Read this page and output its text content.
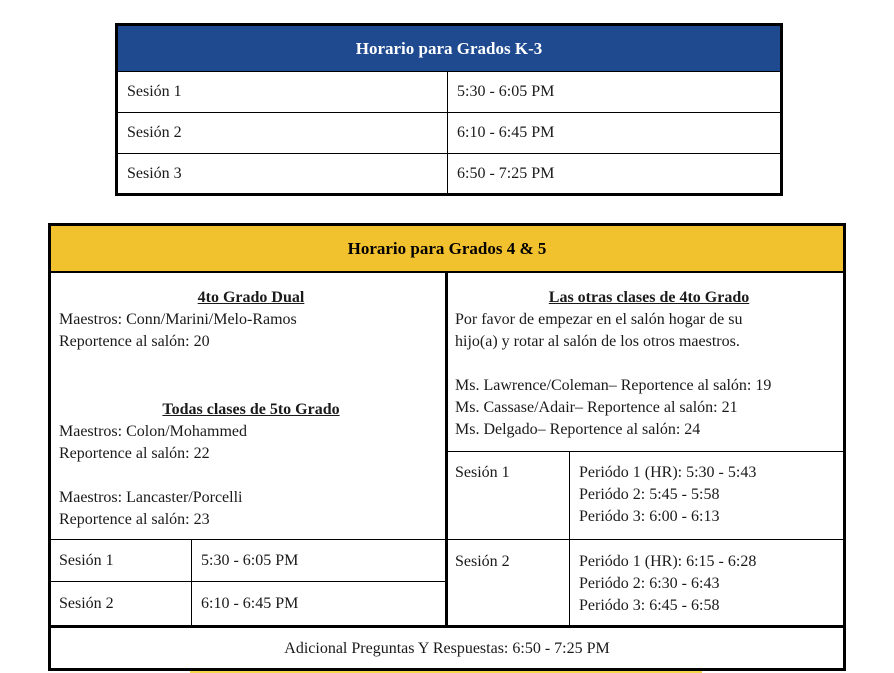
Horario para Grados K-3
Sesión 1	5:30 - 6:05 PM
Sesión 2	6:10 - 6:45 PM
Sesión 3	6:50 - 7:25 PM
Horario para Grados 4 & 5
4to Grado Dual
Maestros: Conn/Marini/Melo-Ramos
Reportence al salón: 20
Todas clases de 5to Grado
Maestros: Colon/Mohammed
Reportence al salón: 22
Maestros: Lancaster/Porcelli
Reportence al salón: 23
Las otras clases de 4to Grado
Por favor de empezar en el salón hogar de su
hijo(a) y rotar al salón de los otros maestros.
Ms. Lawrence/Coleman– Reportence al salón: 19
Ms. Cassase/Adair– Reportence al salón: 21
Ms. Delgado– Reportence al salón: 24
Sesión 1	Periódo 1 (HR): 5:30 - 5:43
Periódo 2: 5:45 - 5:58
Periódo 3: 6:00 - 6:13
Sesión 2	Periódo 1 (HR): 6:15 - 6:28
Periódo 2: 6:30 - 6:43
Periódo 3: 6:45 - 6:58
Sesión 1	5:30 - 6:05 PM
Sesión 2	6:10 - 6:45 PM
Adicional Preguntas Y Respuestas: 6:50 - 7:25 PM
